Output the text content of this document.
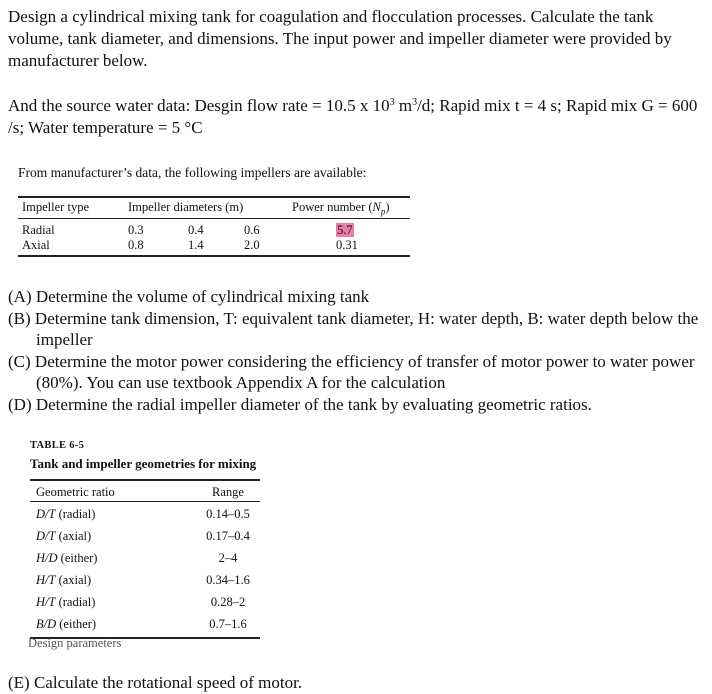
Design a cylindrical mixing tank for coagulation and flocculation processes. Calculate the tank volume, tank diameter, and dimensions. The input power and impeller diameter were provided by manufacturer below.

And the source water data: Desgin flow rate = 10.5 x $10^3$ $m^3/d$; Rapid mix t = 4 s; Rapid mix G = 600 /s; Water temperature = 5 °C

From manufacturer’s data, the following impellers are available:
Impeller type	Impeller diameters (m)	Power number $(N_p)$
Radial	0.3	0.4	0.6	5.7
Axial	0.8	1.4	2.0	0.31
(A) Determine the volume of cylindrical mixing tank
(B) Determine tank dimension, T: equivalent tank diameter, H: water depth, B: water depth below the impeller
(C) Determine the motor power considering the efficiency of transfer of motor power to water power (80%). You can use textbook Appendix A for the calculation
(D) Determine the radial impeller diameter of the tank by evaluating geometric ratios.
TABLE 6-5
Tank and impeller geometries for mixing
Geometric ratio	Range
D/T (radial)	0.14–0.5
D/T (axial)	0.17–0.4
H/D (either)	2–4
H/T (axial)	0.34–1.6
H/T (radial)	0.28–2
B/D (either)	0.7–1.6
Design parameters
(E) Calculate the rotational speed of motor.
